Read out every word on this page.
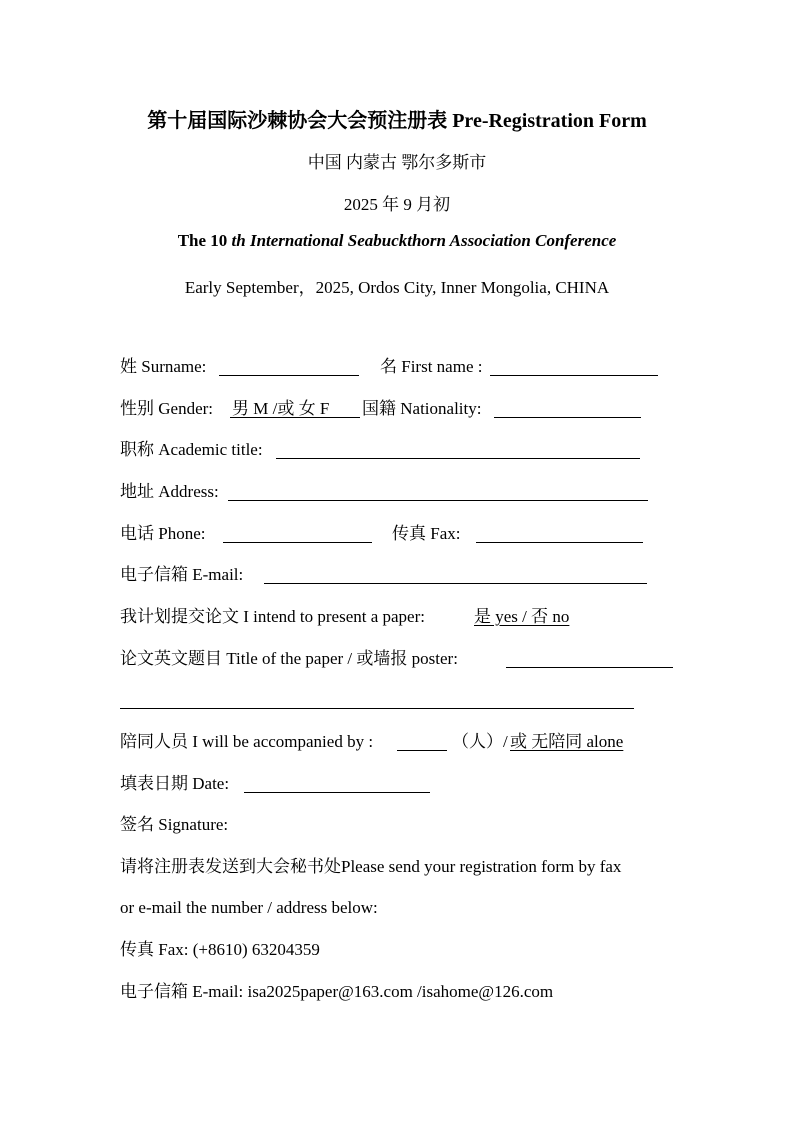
第十届国际沙棘协会大会预注册表 Pre-Registration Form
中国 内蒙古 鄂尔多斯市
2025 年 9 月初
The 10 th International Seabuckthorn Association Conference
Early September，2025, Ordos City, Inner Mongolia, CHINA
姓 Surname:	名 First name :
性别 Gender: 男 M /或 女 F 国籍 Nationality:
职称 Academic title:
地址 Address:
电话 Phone:	传真 Fax:
电子信箱 E-mail:
我计划提交论文 I intend to present a paper:	是 yes / 否 no
论文英文题目 Title of the paper / 或墙报 poster:
陪同人员 I will be accompanied by :	（人）/ 或 无陪同 alone
填表日期 Date:
签名 Signature:
请将注册表发送到大会秘书处Please send your registration form by fax
or e-mail the number / address below:
传真 Fax: (+8610) 63204359
电子信箱 E-mail: isa2025paper@163.com /isahome@126.com
